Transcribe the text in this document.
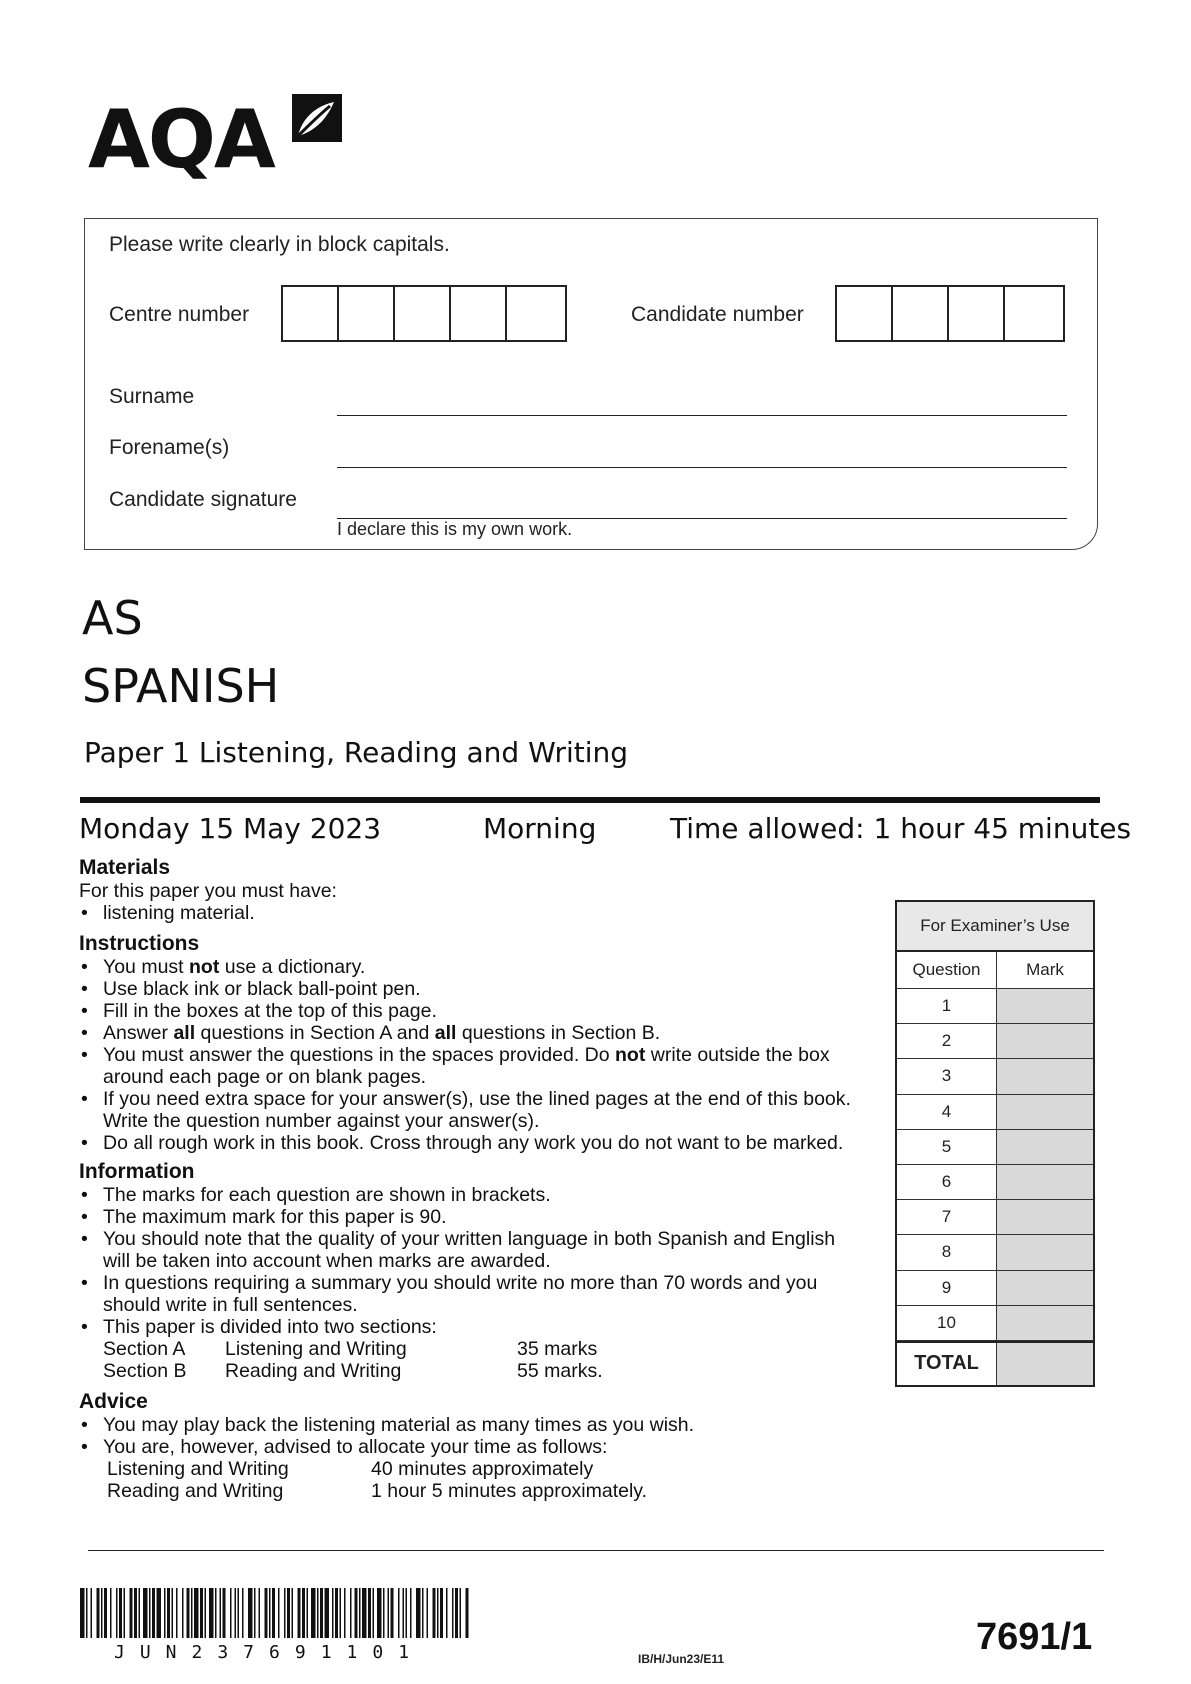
AQA
Please write clearly in block capitals.
Centre number	Candidate number
Surname
Forename(s)
Candidate signature
I declare this is my own work.
AS
SPANISH
Paper 1 Listening, Reading and Writing
Monday 15 May 2023	Morning	Time allowed: 1 hour 45 minutes
Materials
For this paper you must have:
• listening material.
Instructions
• You must not use a dictionary.
• Use black ink or black ball-point pen.
• Fill in the boxes at the top of this page.
• Answer all questions in Section A and all questions in Section B.
• You must answer the questions in the spaces provided. Do not write outside the box around each page or on blank pages.
• If you need extra space for your answer(s), use the lined pages at the end of this book. Write the question number against your answer(s).
• Do all rough work in this book. Cross through any work you do not want to be marked.
Information
• The marks for each question are shown in brackets.
• The maximum mark for this paper is 90.
• You should note that the quality of your written language in both Spanish and English will be taken into account when marks are awarded.
• In questions requiring a summary you should write no more than 70 words and you should write in full sentences.
• This paper is divided into two sections:
Section A	Listening and Writing	35 marks
Section B	Reading and Writing	55 marks.
Advice
• You may play back the listening material as many times as you wish.
• You are, however, advised to allocate your time as follows:
Listening and Writing	40 minutes approximately
Reading and Writing	1 hour 5 minutes approximately.
For Examiner’s Use
Question	Mark
1
2
3
4
5
6
7
8
9
10
TOTAL
JUN237691101	IB/H/Jun23/E11
7691/1
